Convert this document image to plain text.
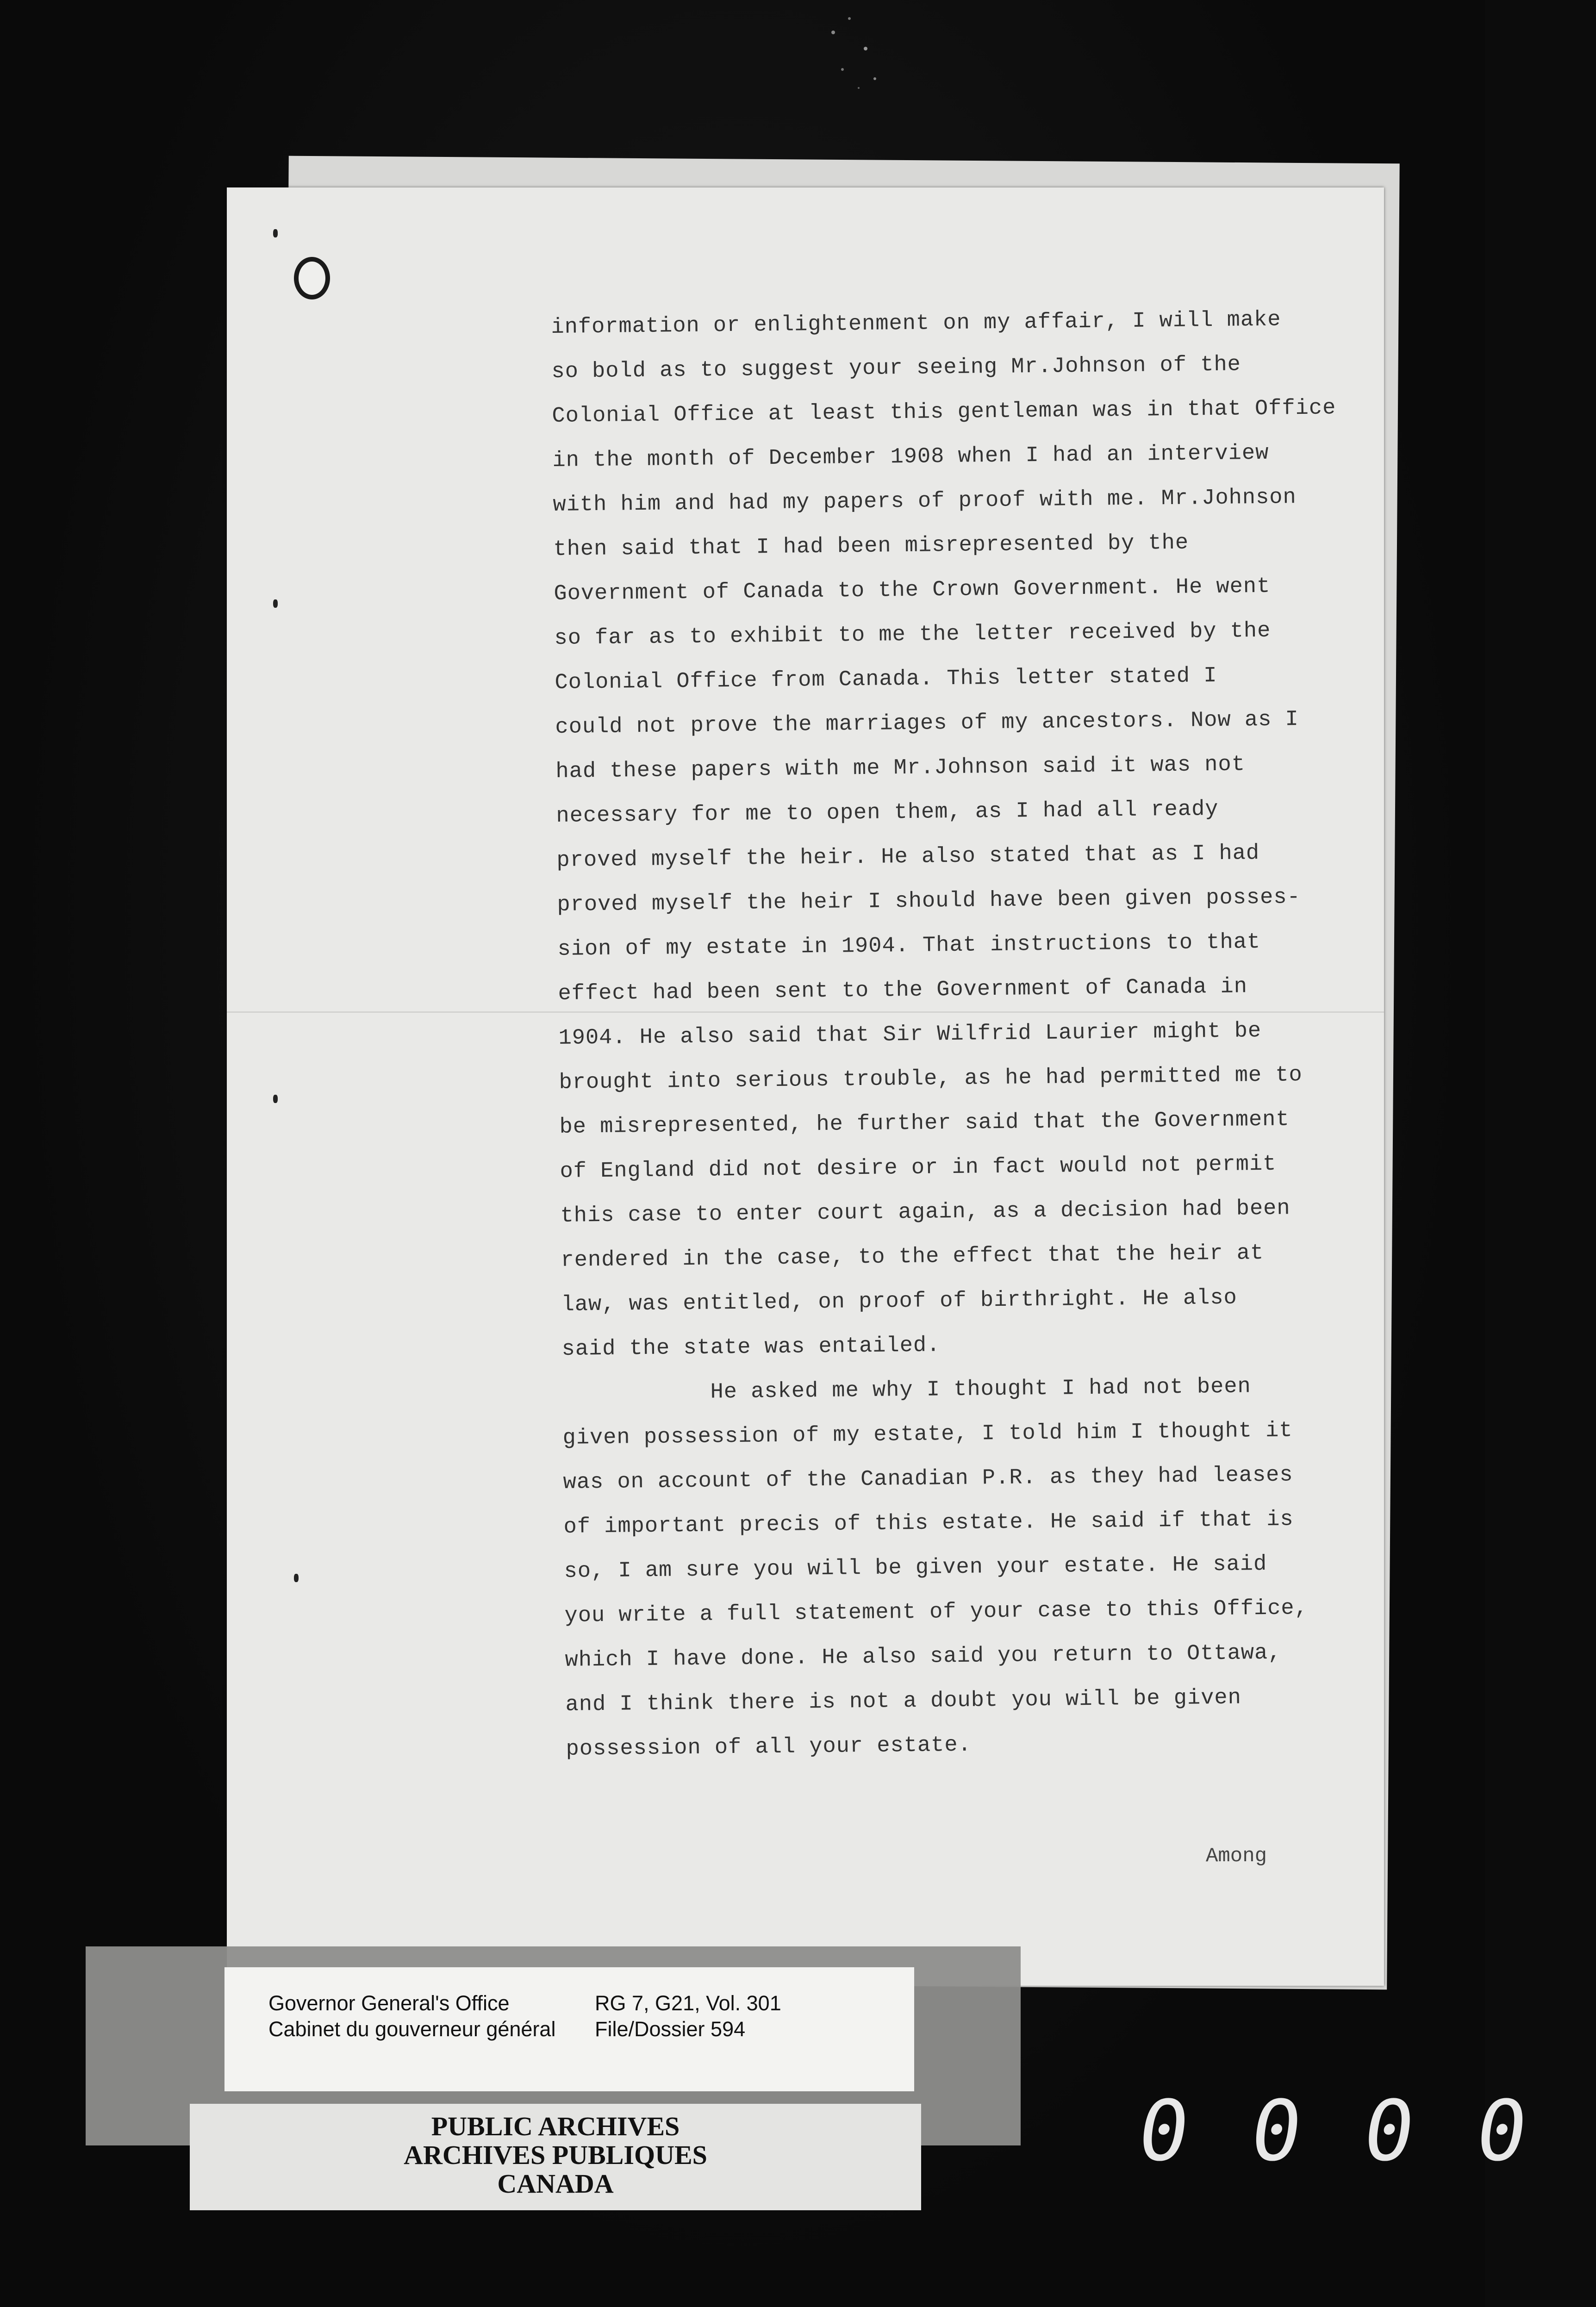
information or enlightenment on my affair, I will make
so bold as to suggest your seeing Mr.Johnson of the
Colonial Office at least this gentleman was in that Office
in the month of December 1908 when I had an interview
with him and had my papers of proof with me. Mr.Johnson
then said that I had been misrepresented by the
Government of Canada to the Crown Government. He went
so far as to exhibit to me the letter received by the
Colonial Office from Canada. This letter stated I
could not prove the marriages of my ancestors. Now as I
had these papers with me Mr.Johnson said it was not
necessary for me to open them, as I had all ready
proved myself the heir. He also stated that as I had
proved myself the heir I should have been given posses-
sion of my estate in 1904. That instructions to that
effect had been sent to the Government of Canada in
1904. He also said that Sir Wilfrid Laurier might be
brought into serious trouble, as he had permitted me to
be misrepresented, he further said that the Government
of England did not desire or in fact would not permit
this case to enter court again, as a decision had been
rendered in the case, to the effect that the heir at
law, was entitled, on proof of birthright. He also
said the state was entailed.
He asked me why I thought I had not been
given possession of my estate, I told him I thought it
was on account of the Canadian P.R. as they had leases
of important precis of this estate. He said if that is
so, I am sure you will be given your estate. He said
you write a full statement of your case to this Office,
which I have done. He also said you return to Ottawa,
and I think there is not a doubt you will be given
possession of all your estate.
Among
Governor General's Office
Cabinet du gouverneur général
RG 7, G21, Vol. 301
File/Dossier 594
PUBLIC ARCHIVES
ARCHIVES PUBLIQUES
CANADA
0000
